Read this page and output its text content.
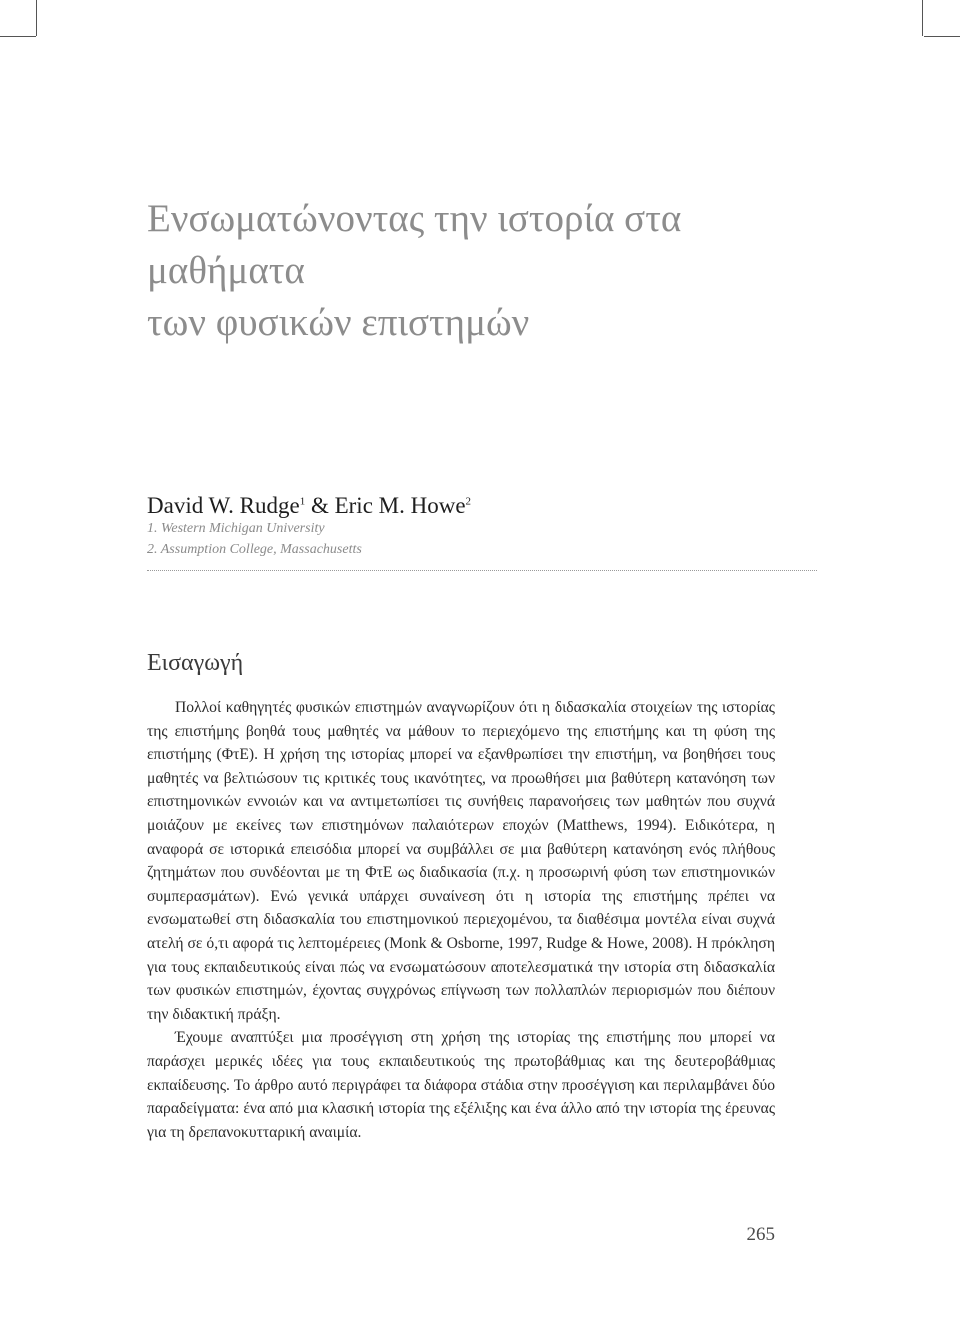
Ενσωματώνοντας την ιστορία στα μαθήματα
των φυσικών επιστημών
David W. Rudge$^1$ & Eric M. Howe$^2$
1. Western Michigan University
2. Assumption College, Massachusetts
Εισαγωγή

Πολλοί καθηγητές φυσικών επιστημών αναγνωρίζουν ότι η διδασκαλία στοιχείων της ιστορίας της επιστήμης βοηθά τους μαθητές να μάθουν το περιεχόμενο της επιστήμης και τη φύση της επιστήμης (ΦτΕ). Η χρήση της ιστορίας μπορεί να εξανθρωπίσει την επιστήμη, να βοηθήσει τους μαθητές να βελτιώσουν τις κριτικές τους ικανότητες, να προωθήσει μια βαθύτερη κατανόηση των επιστημονικών εννοιών και να αντιμετωπίσει τις συνήθεις παρανοήσεις των μαθητών που συχνά μοιάζουν με εκείνες των επιστημόνων παλαιότερων εποχών (Matthews, 1994). Ειδικότερα, η αναφορά σε ιστορικά επεισόδια μπορεί να συμβάλλει σε μια βαθύτερη κατανόηση ενός πλήθους ζητημάτων που συνδέονται με τη ΦτΕ ως διαδικασία (π.χ. η προσωρινή φύση των επιστημονικών συμπερασμάτων). Ενώ γενικά υπάρχει συναίνεση ότι η ιστορία της επιστήμης πρέπει να ενσωματωθεί στη διδασκαλία του επιστημονικού περιεχομένου, τα διαθέσιμα μοντέλα είναι συχνά ατελή σε ό,τι αφορά τις λεπτομέρειες (Monk & Osborne, 1997, Rudge & Howe, 2008). Η πρόκληση για τους εκπαιδευτικούς είναι πώς να ενσωματώσουν αποτελεσματικά την ιστορία στη διδασκαλία των φυσικών επιστημών, έχοντας συγχρόνως επίγνωση των πολλαπλών περιορισμών που διέπουν την διδακτική πράξη.

Έχουμε αναπτύξει μια προσέγγιση στη χρήση της ιστορίας της επιστήμης που μπορεί να παράσχει μερικές ιδέες για τους εκπαιδευτικούς της πρωτοβάθμιας και της δευτεροβάθμιας εκπαίδευσης. Το άρθρο αυτό περιγράφει τα διάφορα στάδια στην προσέγγιση και περιλαμβάνει δύο παραδείγματα: ένα από μια κλασική ιστορία της εξέλιξης και ένα άλλο από την ιστορία της έρευνας για τη δρεπανοκυτταρική αναιμία.

265
